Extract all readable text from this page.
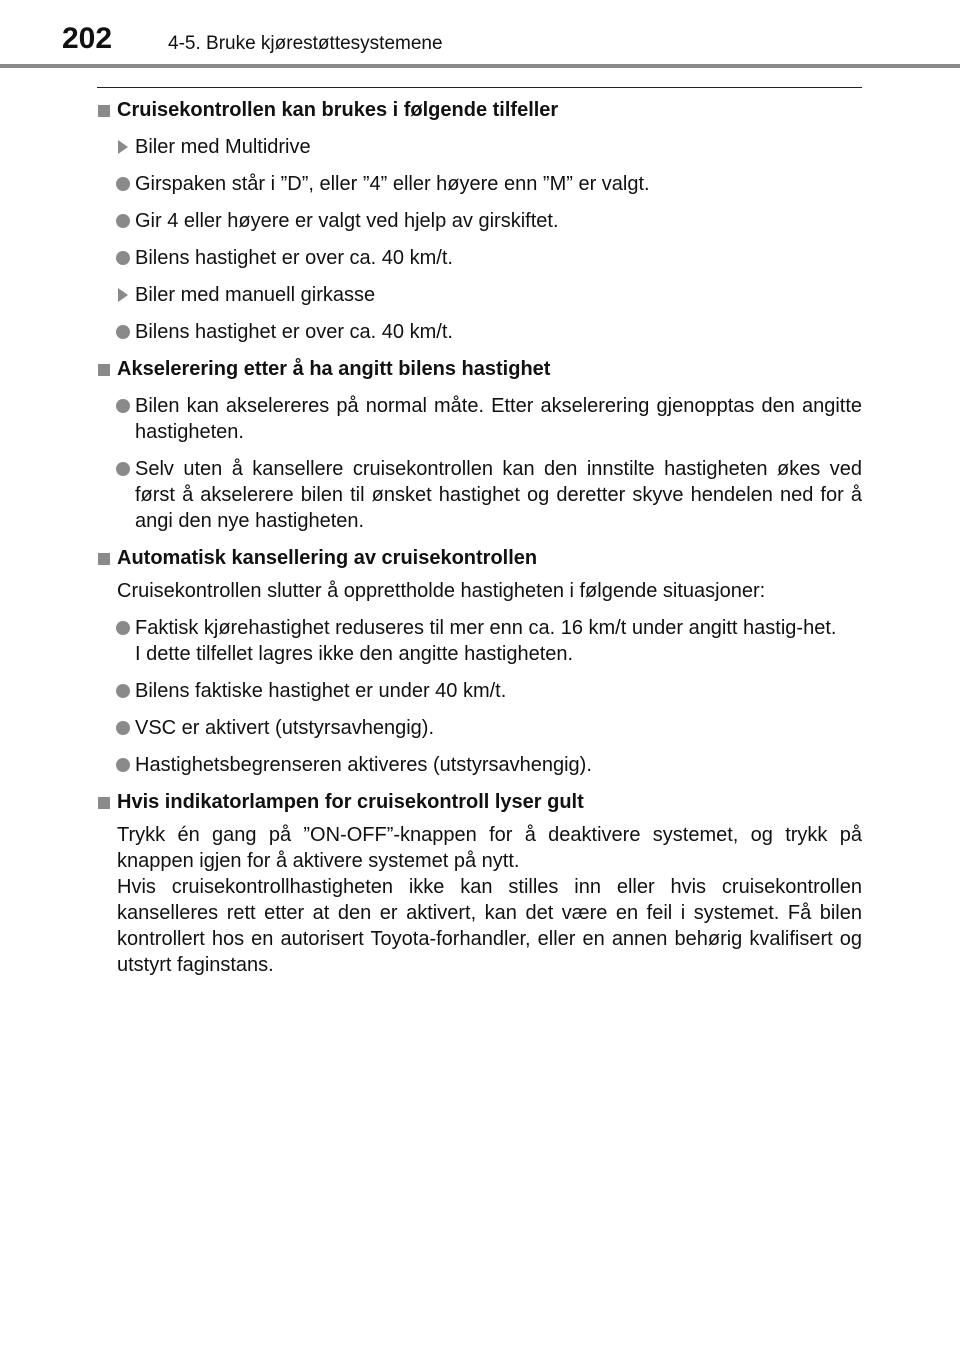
202	4-5. Bruke kjørestøttesystemene
Cruisekontrollen kan brukes i følgende tilfeller
Biler med Multidrive
Girspaken står i ”D”, eller ”4” eller høyere enn ”M” er valgt.
Gir 4 eller høyere er valgt ved hjelp av girskiftet.
Bilens hastighet er over ca. 40 km/t.
Biler med manuell girkasse
Bilens hastighet er over ca. 40 km/t.
Akselerering etter å ha angitt bilens hastighet
Bilen kan akselereres på normal måte. Etter akselerering gjenopptas den angitte hastigheten.
Selv uten å kansellere cruisekontrollen kan den innstilte hastigheten økes ved først å akselerere bilen til ønsket hastighet og deretter skyve hendelen ned for å angi den nye hastigheten.
Automatisk kansellering av cruisekontrollen
Cruisekontrollen slutter å opprettholde hastigheten i følgende situasjoner:
Faktisk kjørehastighet reduseres til mer enn ca. 16 km/t under angitt hastig-het.
I dette tilfellet lagres ikke den angitte hastigheten.
Bilens faktiske hastighet er under 40 km/t.
VSC er aktivert (utstyrsavhengig).
Hastighetsbegrenseren aktiveres (utstyrsavhengig).
Hvis indikatorlampen for cruisekontroll lyser gult
Trykk én gang på ”ON-OFF”-knappen for å deaktivere systemet, og trykk på knappen igjen for å aktivere systemet på nytt.
Hvis cruisekontrollhastigheten ikke kan stilles inn eller hvis cruisekontrollen kanselleres rett etter at den er aktivert, kan det være en feil i systemet. Få bilen kontrollert hos en autorisert Toyota-forhandler, eller en annen behørig kvalifisert og utstyrt faginstans.
